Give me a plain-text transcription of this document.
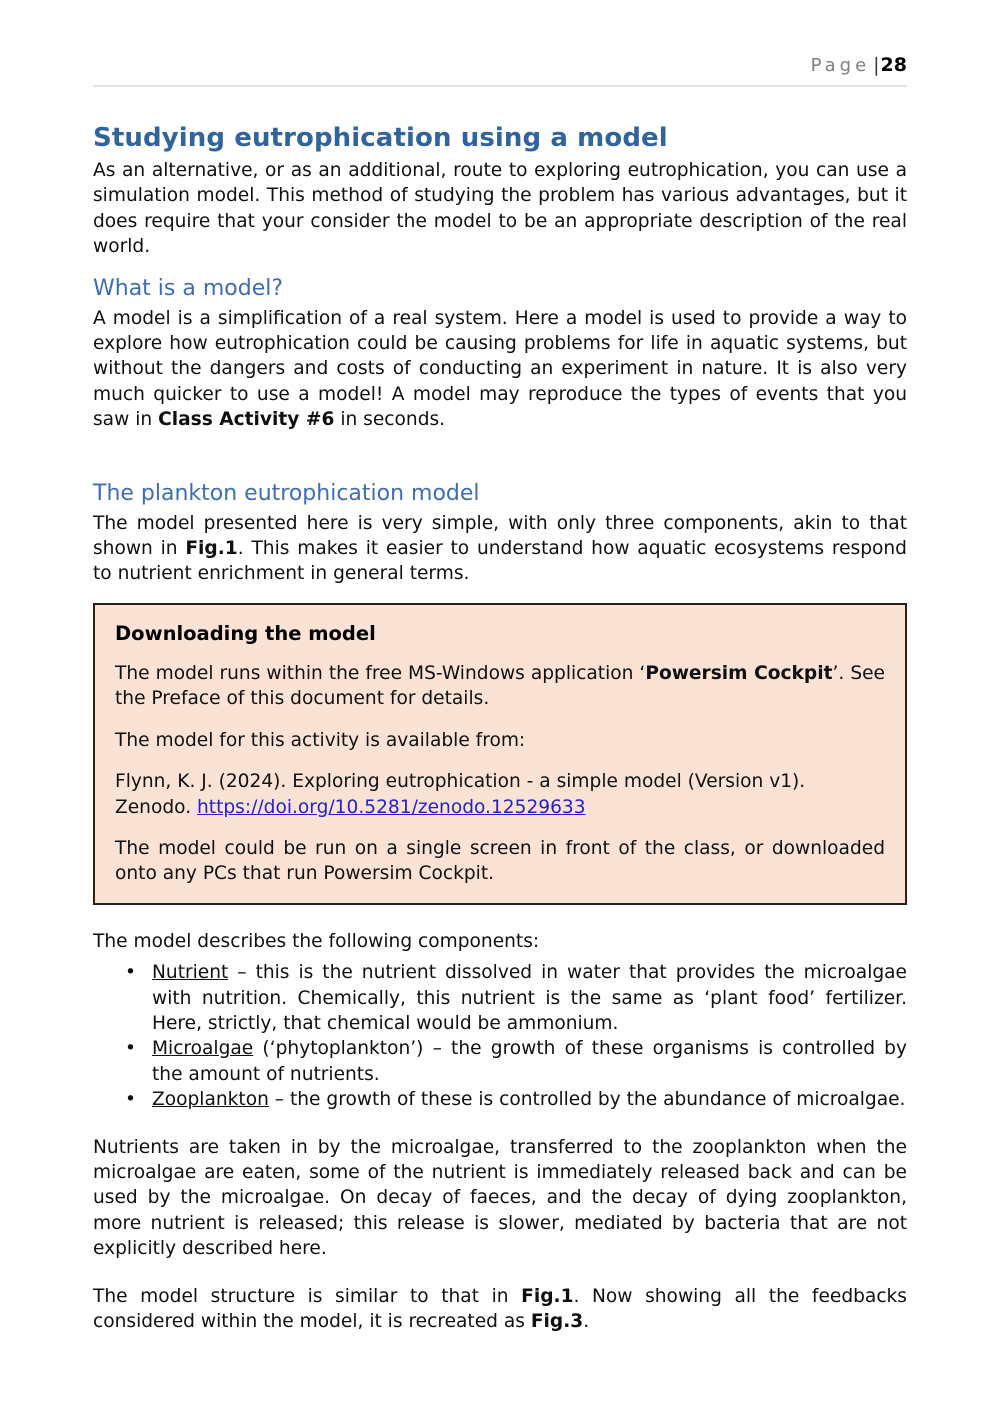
Page |28
Studying eutrophication using a model

As an alternative, or as an additional, route to exploring eutrophication, you can use a simulation model. This method of studying the problem has various advantages, but it does require that your consider the model to be an appropriate description of the real world.

What is a model?

A model is a simplification of a real system. Here a model is used to provide a way to explore how eutrophication could be causing problems for life in aquatic systems, but without the dangers and costs of conducting an experiment in nature. It is also very much quicker to use a model! A model may reproduce the types of events that you saw in Class Activity #6 in seconds.

The plankton eutrophication model

The model presented here is very simple, with only three components, akin to that shown in Fig.1. This makes it easier to understand how aquatic ecosystems respond to nutrient enrichment in general terms.

Downloading the model

The model runs within the free MS-Windows application ‘Powersim Cockpit’. See the Preface of this document for details.

The model for this activity is available from:

Flynn, K. J. (2024). Exploring eutrophication - a simple model (Version v1). Zenodo. https://doi.org/10.5281/zenodo.12529633

The model could be run on a single screen in front of the class, or downloaded onto any PCs that run Powersim Cockpit.

The model describes the following components:

• Nutrient – this is the nutrient dissolved in water that provides the microalgae with nutrition. Chemically, this nutrient is the same as ‘plant food’ fertilizer. Here, strictly, that chemical would be ammonium.
• Microalgae (‘phytoplankton’) – the growth of these organisms is controlled by the amount of nutrients.
• Zooplankton – the growth of these is controlled by the abundance of microalgae.

Nutrients are taken in by the microalgae, transferred to the zooplankton when the microalgae are eaten, some of the nutrient is immediately released back and can be used by the microalgae. On decay of faeces, and the decay of dying zooplankton, more nutrient is released; this release is slower, mediated by bacteria that are not explicitly described here.

The model structure is similar to that in Fig.1. Now showing all the feedbacks considered within the model, it is recreated as Fig.3.
